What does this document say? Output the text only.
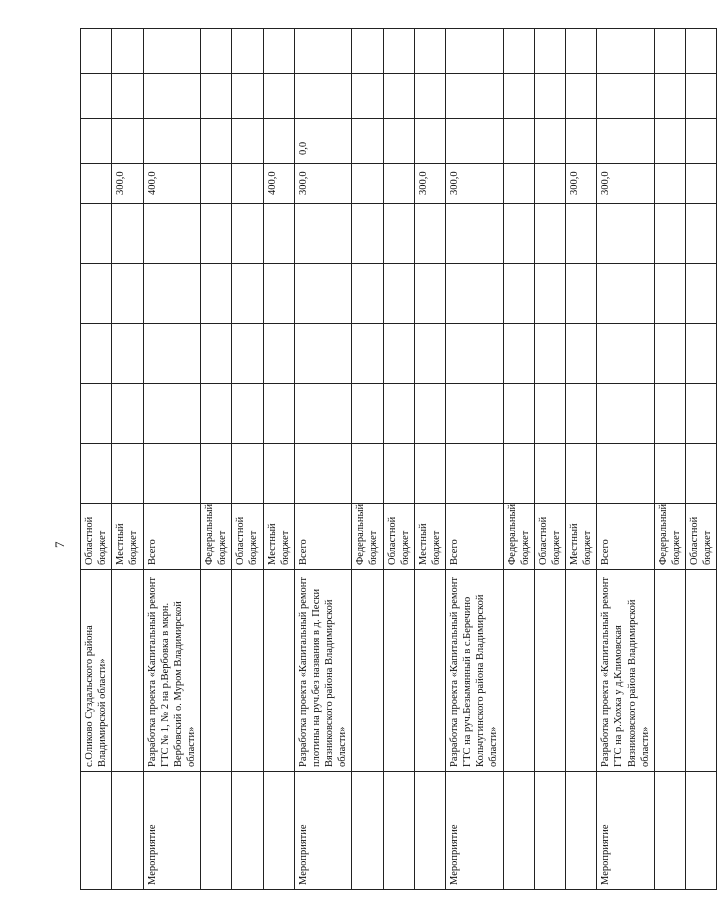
7
	с.Оликово Суздальского района Владимирской области»	Областной бюджет									
		Местный бюджет						300,0			
Мероприятие	Разработка проекта «Капитальный ремонт ГТС № 1, № 2 на р.Вербовка в мкрн. Вербовский о. Муром Владимирской области»	Всего						400,0			
		Федеральный бюджет									
		Областной бюджет									
		Местный бюджет						400,0			
Мероприятие	Разработка проекта «Капитальный ремонт плотины на руч.без названия в д. Пески Вязниковского района Владимирской области»	Всего						300,0	0,0		
		Федеральный бюджет									
		Областной бюджет									
		Местный бюджет						300,0			
Мероприятие	Разработка проекта «Капитальный ремонт ГТС на руч.Безымянный в с.Беречино Кольчугинского района Владимирской области»	Всего						300,0			
		Федеральный бюджет									
		Областной бюджет									
		Местный бюджет						300,0			
Мероприятие	Разработка проекта «Капитальный ремонт ГТС на р.Хохка у д.Климовская Вязниковского района Владимирской области»	Всего						300,0			
		Федеральный бюджет									
		Областной бюджет									
